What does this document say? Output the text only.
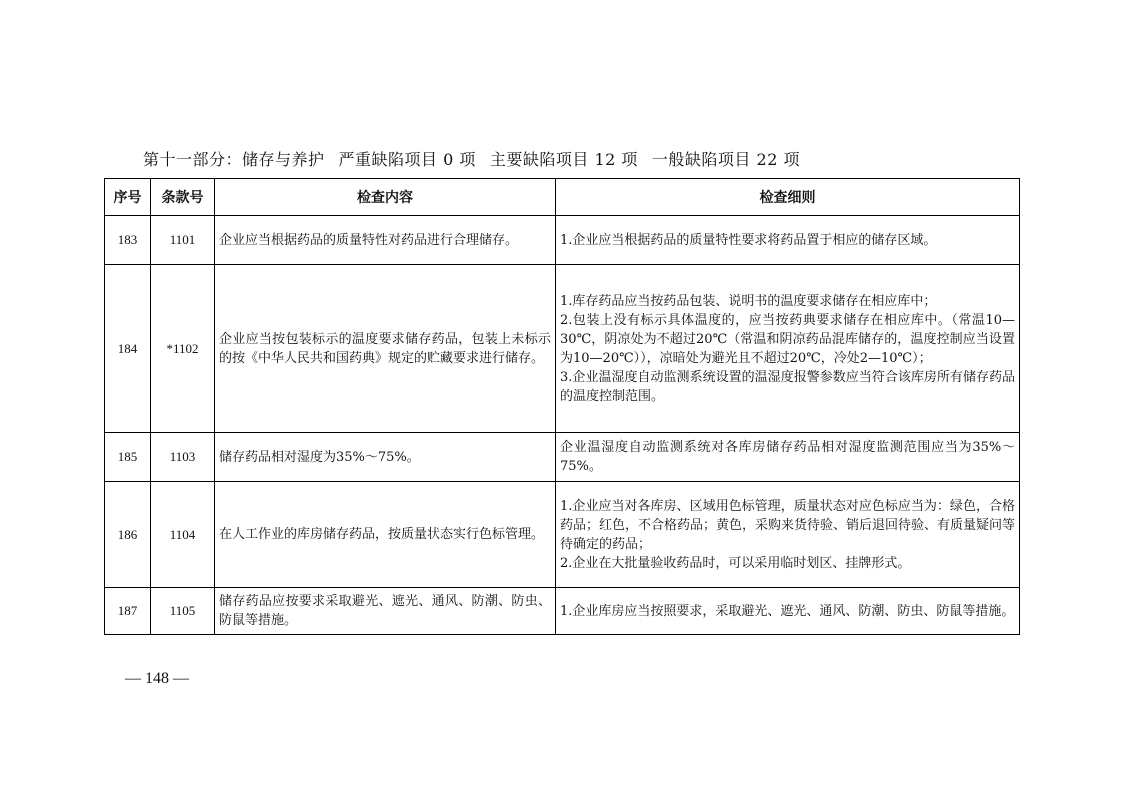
第十一部分：储存与养护 严重缺陷项目 0 项 主要缺陷项目 12 项 一般缺陷项目 22 项
序号	条款号	检查内容	检查细则
183	1101	企业应当根据药品的质量特性对药品进行合理储存。	1.企业应当根据药品的质量特性要求将药品置于相应的储存区域。

184	*1102	企业应当按包装标示的温度要求储存药品，包装上未标示的按《中华人民共和国药典》规定的贮藏要求进行储存。	1.库存药品应当按药品包装、说明书的温度要求储存在相应库中；
2.包装上没有标示具体温度的，应当按药典要求储存在相应库中。（常温10—30℃，阴凉处为不超过20℃（常温和阴凉药品混库储存的，温度控制应当设置为10—20℃）），凉暗处为避光且不超过20℃，冷处2—10℃）；
3.企业温湿度自动监测系统设置的温湿度报警参数应当符合该库房所有储存药品的温度控制范围。

185	1103	储存药品相对湿度为35%～75%。	企业温湿度自动监测系统对各库房储存药品相对湿度监测范围应当为35%～75%。

186	1104	在人工作业的库房储存药品，按质量状态实行色标管理。	1.企业应当对各库房、区域用色标管理，质量状态对应色标应当为：绿色，合格药品；红色，不合格药品；黄色，采购来货待验、销后退回待验、有质量疑问等待确定的药品；
2.企业在大批量验收药品时，可以采用临时划区、挂牌形式。

187	1105	储存药品应按要求采取避光、遮光、通风、防潮、防虫、防鼠等措施。	1.企业库房应当按照要求，采取避光、遮光、通风、防潮、防虫、防鼠等措施。
— 148 —
